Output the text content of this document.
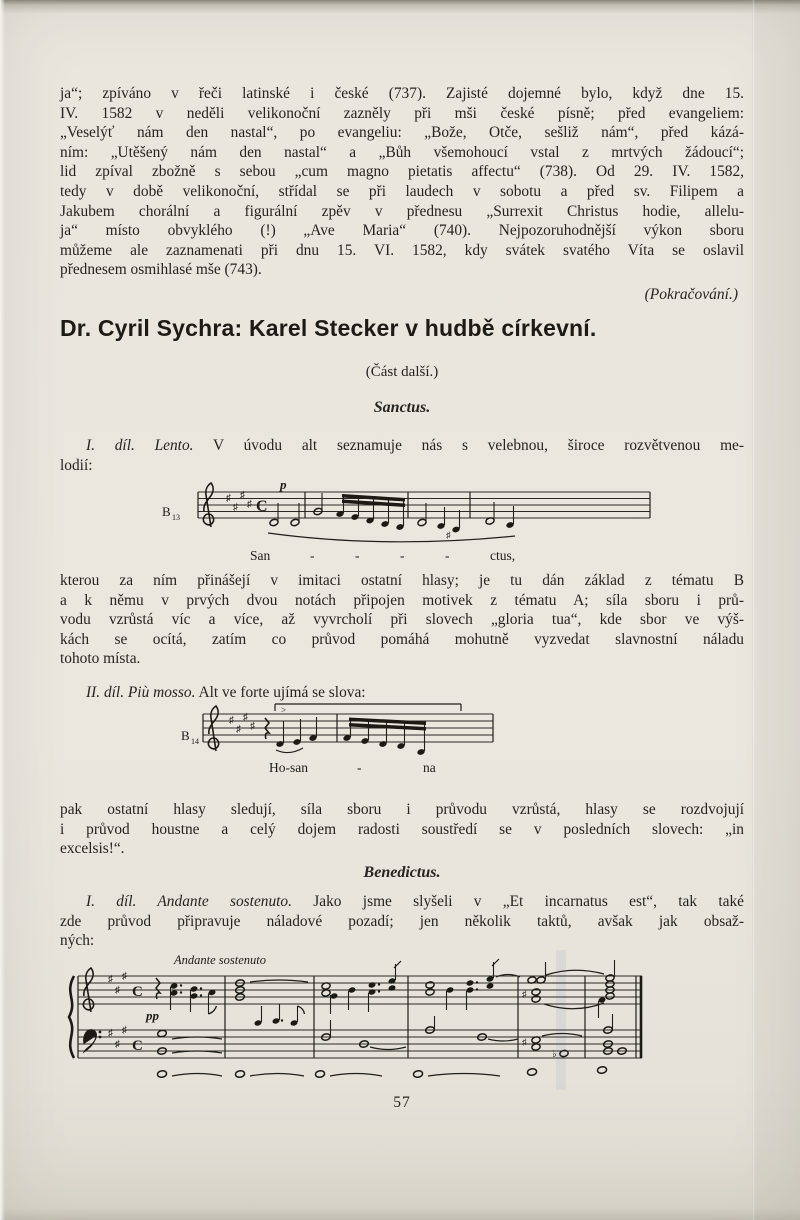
ja“; zpíváno v řeči latinské i české (737). Zajisté dojemné bylo, když dne 15.
IV. 1582 v neděli velikonoční zazněly při mši české písně; před evangeliem:
„Veselýť nám den nastal“, po evangeliu: „Bože, Otče, sešliž nám“, před kázá-
ním: „Utěšený nám den nastal“ a „Bůh všemohoucí vstal z mrtvých žádoucí“;
lid zpíval zbožně s sebou „cum magno pietatis affectu“ (738). Od 29. IV. 1582,
tedy v době velikonoční, střídal se při laudech v sobotu a před sv. Filipem a
Jakubem chorální a figurální zpěv v přednesu „Surrexit Christus hodie, allelu-
ja“ místo obvyklého (!) „Ave Maria“ (740). Nejpozoruhodnější výkon sboru
můžeme ale zaznamenati při dnu 15. VI. 1582, kdy svátek svatého Víta se oslavil
přednesem osmihlasé mše (743).
(Pokračování.)
Dr. Cyril Sychra: Karel Stecker v hudbě církevní.
(Část další.)
Sanctus.
I. díl. Lento. V úvodu alt seznamuje nás s velebnou, široce rozvětvenou me-
lodií:
B 13
♯
♯
♯
♯ C
p
♯
San	-	-	-	-	ctus,
kterou za ním přinášejí v imitaci ostatní hlasy; je tu dán základ z tématu B
a k němu v prvých dvou notách připojen motivek z tématu A; síla sboru i prů-
vodu vzrůstá víc a více, až vyvrcholí při slovech „gloria tua“, kde sbor ve výš-
kách se ocítá, zatím co průvod pomáhá mohutně vyzvedat slavnostní náladu
tohoto místa.
II. díl. Più mosso. Alt ve forte ujímá se slova:
B 14
♯
♯
♯
♯
>
Ho-san	-	na
pak ostatní hlasy sledují, síla sboru i průvodu vzrůstá, hlasy se rozdvojují
i průvod houstne a celý dojem radosti soustředí se v posledních slovech: „in
excelsis!“.
Benedictus.
I. díl. Andante sostenuto. Jako jsme slyšeli v „Et incarnatus est“, tak také
zde průvod připravuje náladové pozadí; jen několik taktů, avšak jak obsaž-
ných:
Andante sostenuto
♯
♯
♯
♯
♯
♯
C
C
pp
♯
♯
♭
57
